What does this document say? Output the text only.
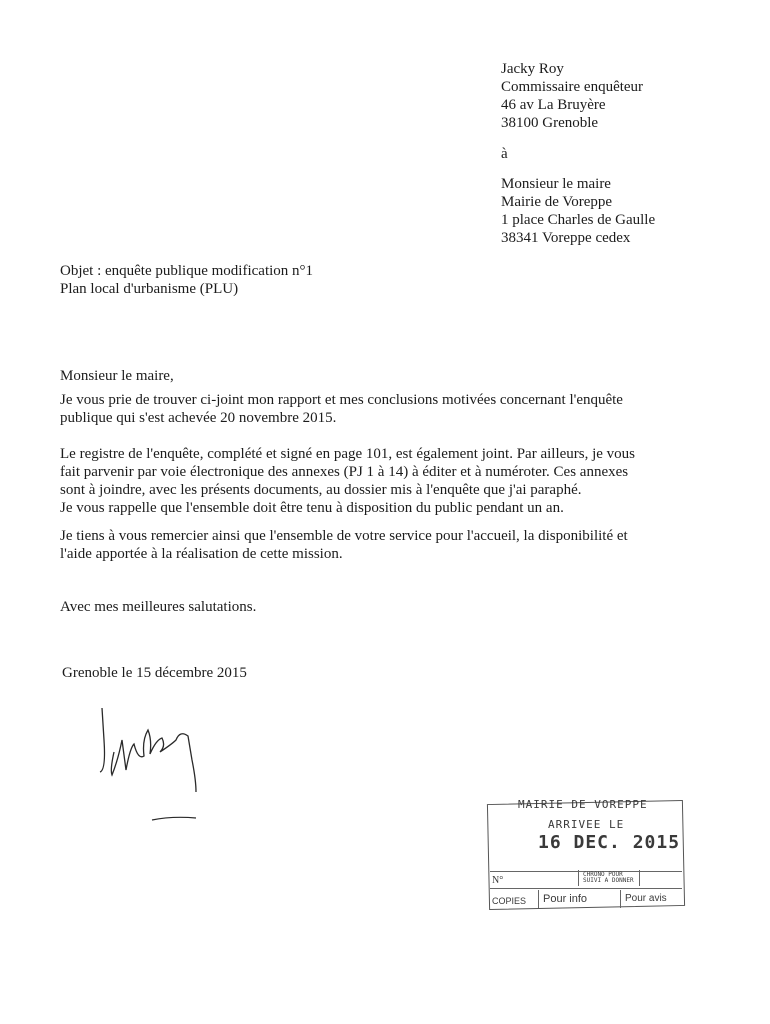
Jacky Roy
Commissaire enquêteur
46 av La Bruyère
38100 Grenoble
à
Monsieur le maire
Mairie de Voreppe
1 place Charles de Gaulle
38341 Voreppe cedex
Objet : enquête publique modification n°1
Plan local d'urbanisme (PLU)
Monsieur le maire,
Je vous prie de trouver ci-joint mon rapport et mes conclusions motivées concernant l'enquête
publique qui s'est achevée 20 novembre 2015.
Le registre de l'enquête, complété et signé en page 101, est également joint. Par ailleurs, je vous
fait parvenir par voie électronique des annexes (PJ 1 à 14) à éditer et à numéroter. Ces annexes
sont à joindre, avec les présents documents, au dossier mis à l'enquête que j'ai paraphé.
Je vous rappelle que l'ensemble doit être tenu à disposition du public pendant un an.
Je tiens à vous remercier ainsi que l'ensemble de votre service pour l'accueil, la disponibilité et
l'aide apportée à la réalisation de cette mission.
Avec mes meilleures salutations.
Grenoble le 15 décembre 2015
MAIRIE DE VOREPPE
ARRIVEE LE
16 DEC. 2015
N°
CHRONO POUR SUIVI A DONNER
COPIES	Pour info	Pour avis
